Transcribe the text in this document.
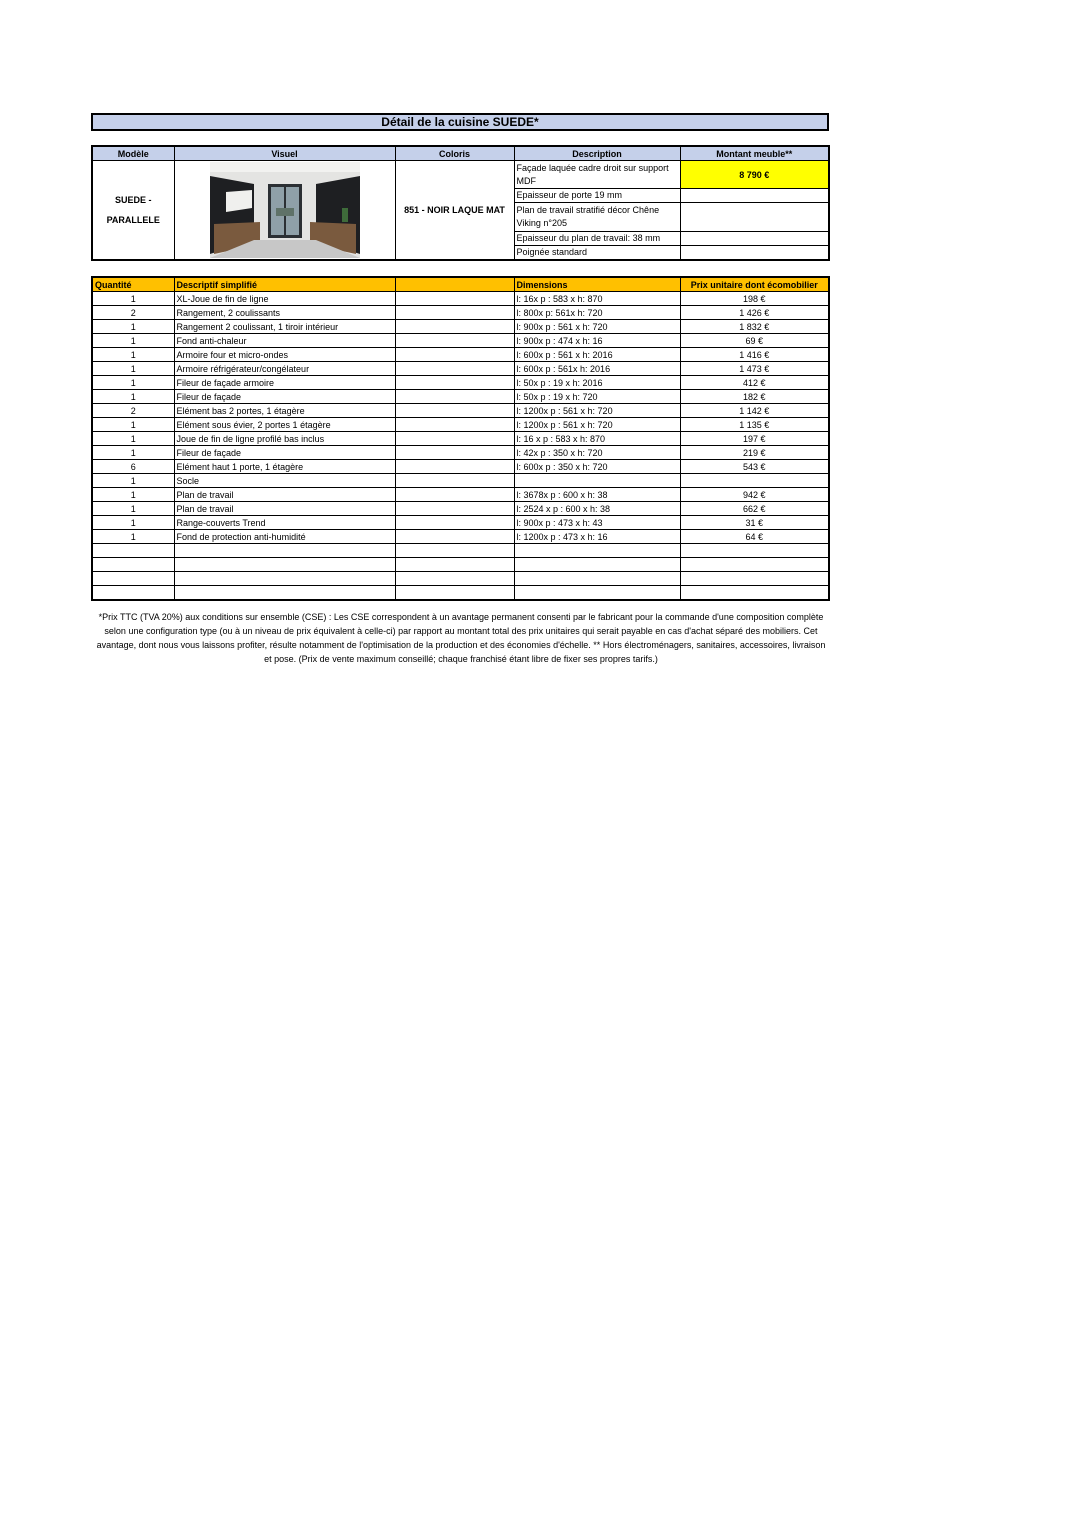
Détail de la cuisine SUEDE*
Modèle	Visuel	Coloris	Description	Montant meuble**

SUEDE -
PARALLELE		851 - NOIR LAQUE MAT	Façade laquée cadre droit sur support MDF	8 790 €
			Epaisseur de porte 19 mm	
			Plan de travail stratifié décor Chêne Viking n°205	
			Epaisseur du plan de travail: 38 mm	
			Poignée standard	
Quantité	Descriptif simplifié		Dimensions	Prix unitaire dont écomobilier
1	XL-Joue de fin de ligne		l: 16x p : 583 x h: 870	198 €
2	Rangement, 2 coulissants		l: 800x p: 561x h: 720	1 426 €
1	Rangement 2 coulissant, 1 tiroir intérieur		l: 900x p : 561 x h: 720	1 832 €
1	Fond anti-chaleur		l: 900x p : 474 x h: 16	69 €
1	Armoire four et micro-ondes		l: 600x p : 561 x h: 2016	1 416 €
1	Armoire réfrigérateur/congélateur		l: 600x p : 561x h: 2016	1 473 €
1	Fileur de façade armoire		l: 50x p : 19 x h: 2016	412 €
1	Fileur de façade		l: 50x p : 19 x h: 720	182 €
2	Elément bas 2 portes, 1 étagère		l: 1200x p : 561 x h: 720	1 142 €
1	Elément sous évier, 2 portes 1 étagère		l: 1200x p : 561 x h: 720	1 135 €
1	Joue de fin de ligne profilé bas inclus		l: 16 x p : 583 x h: 870	197 €
1	Fileur de façade		l: 42x p : 350 x h: 720	219 €
6	Elément haut 1 porte, 1 étagère		l: 600x p : 350 x h: 720	543 €
1	Socle			
1	Plan de travail		l: 3678x p : 600 x h: 38	942 €
1	Plan de travail		l: 2524 x p : 600 x h: 38	662 €
1	Range-couverts Trend		l: 900x p : 473 x h: 43	31 €
1	Fond de protection anti-humidité		l: 1200x p : 473 x h: 16	64 €

*Prix TTC (TVA 20%) aux conditions sur ensemble (CSE) : Les CSE correspondent à un avantage permanent consenti par le fabricant pour la commande d'une composition complète selon une configuration type (ou à un niveau de prix équivalent à celle-ci) par rapport au montant total des prix unitaires qui serait payable en cas d'achat séparé des mobiliers. Cet avantage, dont nous vous laissons profiter, résulte notamment de l'optimisation de la production et des économies d'échelle. ** Hors électroménagers, sanitaires, accessoires, livraison et pose. (Prix de vente maximum conseillé; chaque franchisé étant libre de fixer ses propres tarifs.)
